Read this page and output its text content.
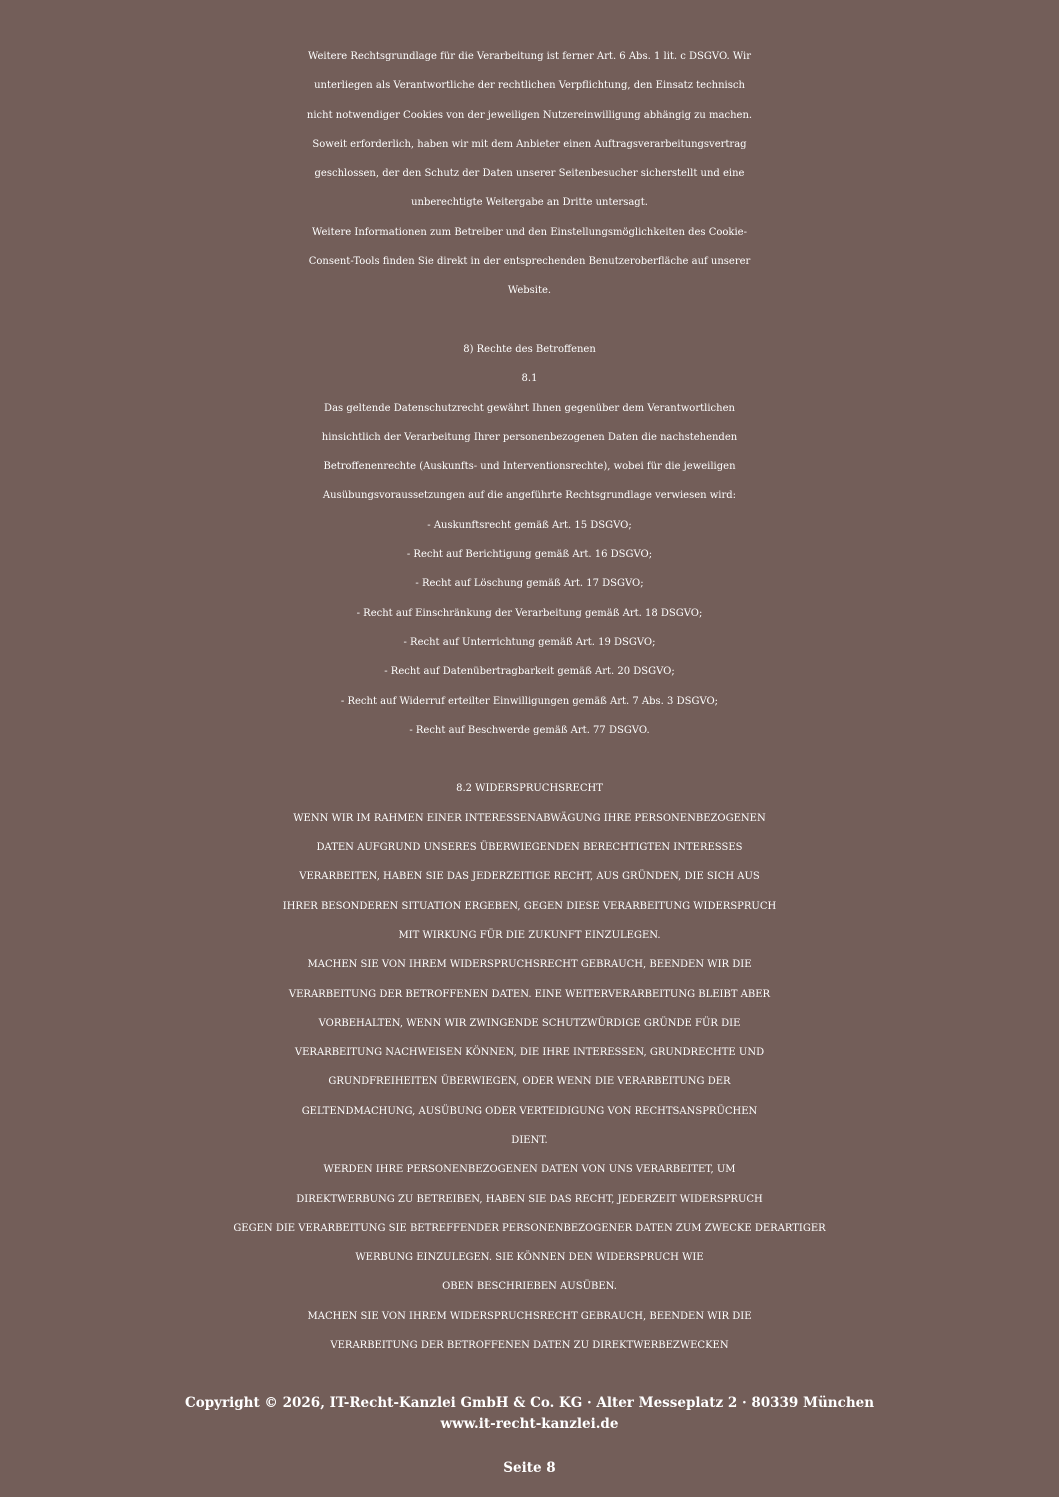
Weitere Rechtsgrundlage für die Verarbeitung ist ferner Art. 6 Abs. 1 lit. c DSGVO. Wir
unterliegen als Verantwortliche der rechtlichen Verpflichtung, den Einsatz technisch
nicht notwendiger Cookies von der jeweiligen Nutzereinwilligung abhängig zu machen.
Soweit erforderlich, haben wir mit dem Anbieter einen Auftragsverarbeitungsvertrag
geschlossen, der den Schutz der Daten unserer Seitenbesucher sicherstellt und eine
unberechtigte Weitergabe an Dritte untersagt.
Weitere Informationen zum Betreiber und den Einstellungsmöglichkeiten des Cookie-
Consent-Tools finden Sie direkt in der entsprechenden Benutzeroberfläche auf unserer
Website.
8) Rechte des Betroffenen
8.1
Das geltende Datenschutzrecht gewährt Ihnen gegenüber dem Verantwortlichen
hinsichtlich der Verarbeitung Ihrer personenbezogenen Daten die nachstehenden
Betroffenenrechte (Auskunfts- und Interventionsrechte), wobei für die jeweiligen
Ausübungsvoraussetzungen auf die angeführte Rechtsgrundlage verwiesen wird:
- Auskunftsrecht gemäß Art. 15 DSGVO;
- Recht auf Berichtigung gemäß Art. 16 DSGVO;
- Recht auf Löschung gemäß Art. 17 DSGVO;
- Recht auf Einschränkung der Verarbeitung gemäß Art. 18 DSGVO;
- Recht auf Unterrichtung gemäß Art. 19 DSGVO;
- Recht auf Datenübertragbarkeit gemäß Art. 20 DSGVO;
- Recht auf Widerruf erteilter Einwilligungen gemäß Art. 7 Abs. 3 DSGVO;
- Recht auf Beschwerde gemäß Art. 77 DSGVO.
8.2 WIDERSPRUCHSRECHT
WENN WIR IM RAHMEN EINER INTERESSENABWÄGUNG IHRE PERSONENBEZOGENEN
DATEN AUFGRUND UNSERES ÜBERWIEGENDEN BERECHTIGTEN INTERESSES
VERARBEITEN, HABEN SIE DAS JEDERZEITIGE RECHT, AUS GRÜNDEN, DIE SICH AUS
IHRER BESONDEREN SITUATION ERGEBEN, GEGEN DIESE VERARBEITUNG WIDERSPRUCH
MIT WIRKUNG FÜR DIE ZUKUNFT EINZULEGEN.
MACHEN SIE VON IHREM WIDERSPRUCHSRECHT GEBRAUCH, BEENDEN WIR DIE
VERARBEITUNG DER BETROFFENEN DATEN. EINE WEITERVERARBEITUNG BLEIBT ABER
VORBEHALTEN, WENN WIR ZWINGENDE SCHUTZWÜRDIGE GRÜNDE FÜR DIE
VERARBEITUNG NACHWEISEN KÖNNEN, DIE IHRE INTERESSEN, GRUNDRECHTE UND
GRUNDFREIHEITEN ÜBERWIEGEN, ODER WENN DIE VERARBEITUNG DER
GELTENDMACHUNG, AUSÜBUNG ODER VERTEIDIGUNG VON RECHTSANSPRÜCHEN
DIENT.
WERDEN IHRE PERSONENBEZOGENEN DATEN VON UNS VERARBEITET, UM
DIREKTWERBUNG ZU BETREIBEN, HABEN SIE DAS RECHT, JEDERZEIT WIDERSPRUCH
GEGEN DIE VERARBEITUNG SIE BETREFFENDER PERSONENBEZOGENER DATEN ZUM ZWECKE DERARTIGER
WERBUNG EINZULEGEN. SIE KÖNNEN DEN WIDERSPRUCH WIE
OBEN BESCHRIEBEN AUSÜBEN.
MACHEN SIE VON IHREM WIDERSPRUCHSRECHT GEBRAUCH, BEENDEN WIR DIE
VERARBEITUNG DER BETROFFENEN DATEN ZU DIREKTWERBEZWECKEN
Copyright © 2026, IT-Recht-Kanzlei GmbH & Co. KG · Alter Messeplatz 2 · 80339 München
www.it-recht-kanzlei.de
Seite 8
